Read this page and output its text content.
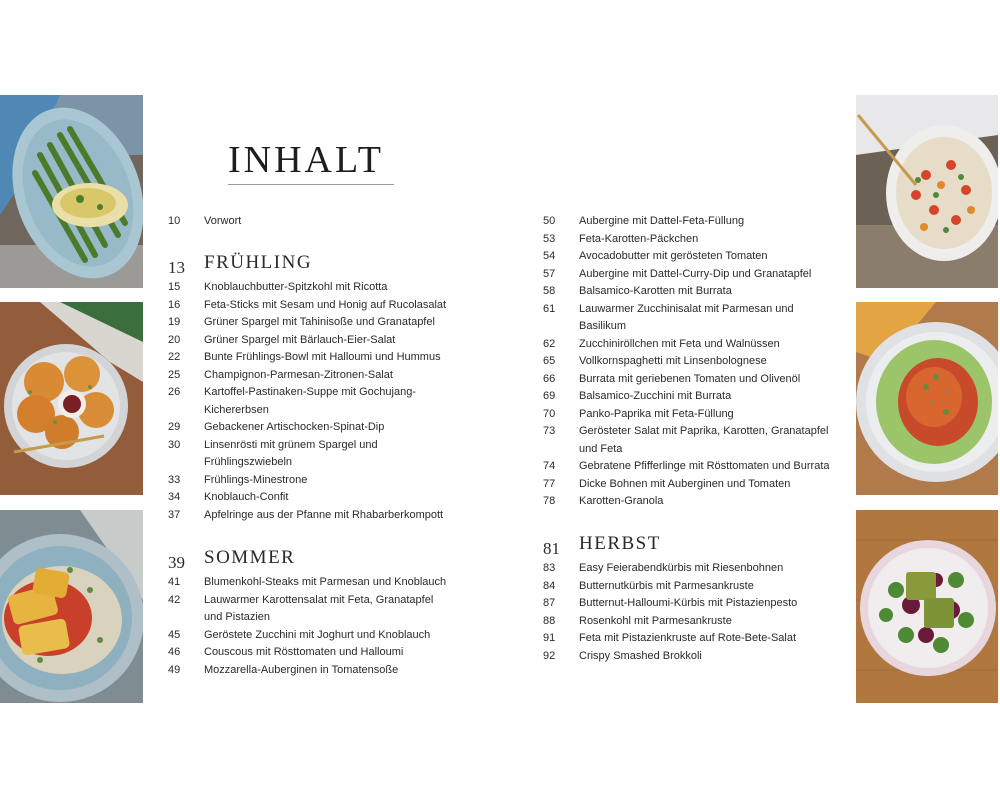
INHALT
10	Vorwort
13 FRÜHLING
15	Knoblauchbutter-Spitzkohl mit Ricotta
16	Feta-Sticks mit Sesam und Honig auf Rucolasalat
19	Grüner Spargel mit Tahinisoße und Granatapfel
20	Grüner Spargel mit Bärlauch-Eier-Salat
22	Bunte Frühlings-Bowl mit Halloumi und Hummus
25	Champignon-Parmesan-Zitronen-Salat
26	Kartoffel-Pastinaken-Suppe mit Gochujang-
Kichererbsen
29	Gebackener Artischocken-Spinat-Dip
30	Linsenrösti mit grünem Spargel und
Frühlingszwiebeln
33	Frühlings-Minestrone
34	Knoblauch-Confit
37	Apfelringe aus der Pfanne mit Rhabarberkompott
39 SOMMER
41	Blumenkohl-Steaks mit Parmesan und Knoblauch
42	Lauwarmer Karottensalat mit Feta, Granatapfel
und Pistazien
45	Geröstete Zucchini mit Joghurt und Knoblauch
46	Couscous mit Rösttomaten und Halloumi
49	Mozzarella-Auberginen in Tomatensoße
50	Aubergine mit Dattel-Feta-Füllung
53	Feta-Karotten-Päckchen
54	Avocadobutter mit gerösteten Tomaten
57	Aubergine mit Dattel-Curry-Dip und Granatapfel
58	Balsamico-Karotten mit Burrata
61	Lauwarmer Zucchinisalat mit Parmesan und
Basilikum
62	Zucchiniröllchen mit Feta und Walnüssen
65	Vollkornspaghetti mit Linsenbolognese
66	Burrata mit geriebenen Tomaten und Olivenöl
69	Balsamico-Zucchini mit Burrata
70	Panko-Paprika mit Feta-Füllung
73	Gerösteter Salat mit Paprika, Karotten, Granatapfel
und Feta
74	Gebratene Pfifferlinge mit Rösttomaten und Burrata
77	Dicke Bohnen mit Auberginen und Tomaten
78	Karotten-Granola
81 HERBST
83	Easy Feierabendkürbis mit Riesenbohnen
84	Butternutkürbis mit Parmesankruste
87	Butternut-Halloumi-Kürbis mit Pistazienpesto
88	Rosenkohl mit Parmesankruste
91	Feta mit Pistazienkruste auf Rote-Bete-Salat
92	Crispy Smashed Brokkoli
